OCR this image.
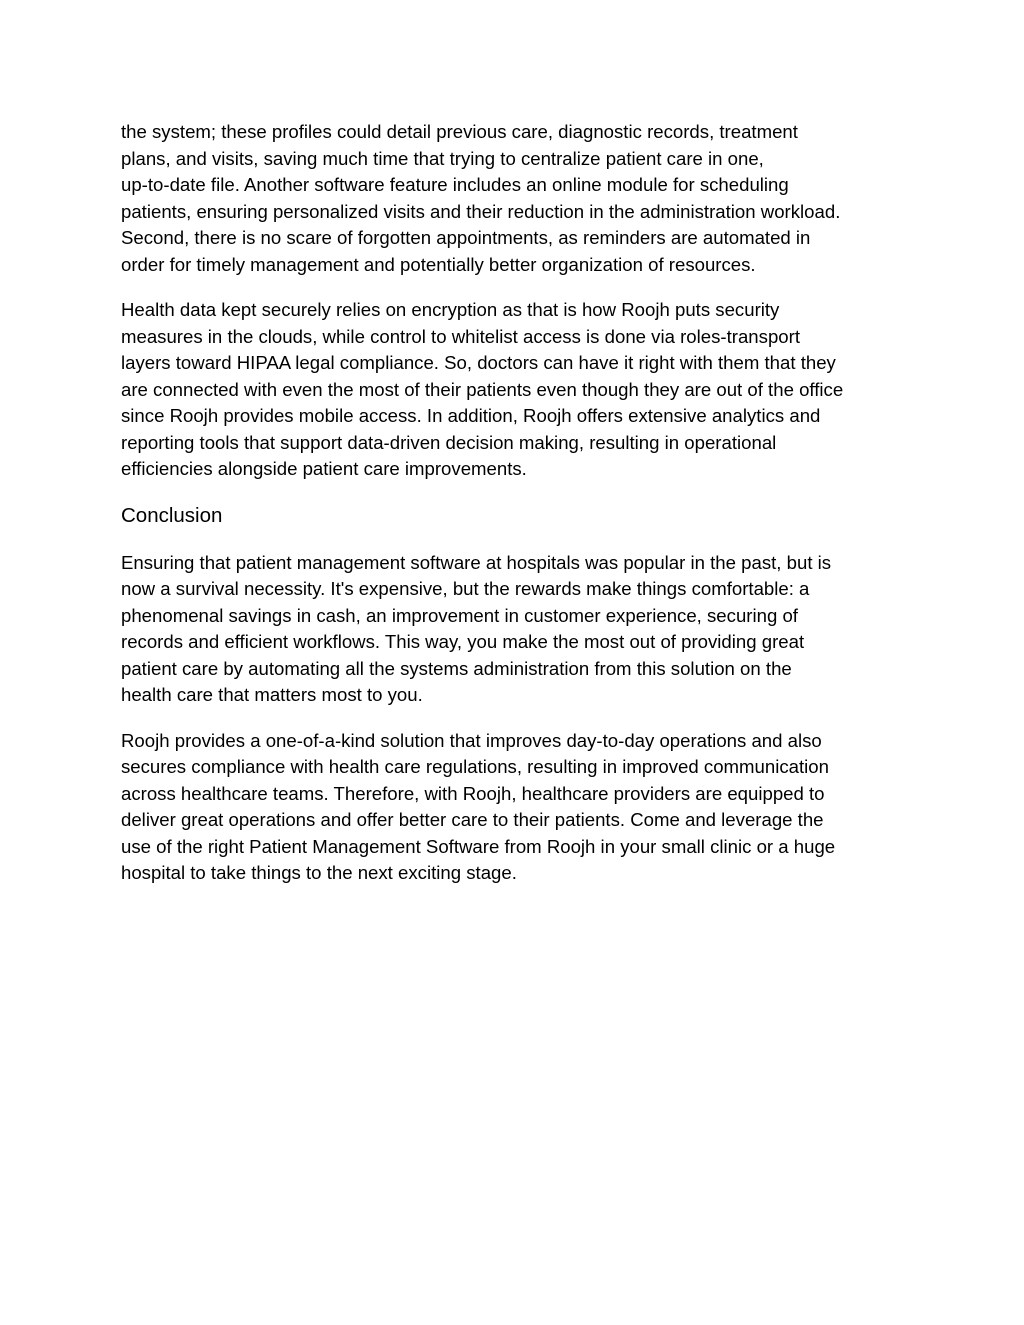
the system; these profiles could detail previous care, diagnostic records, treatment
plans, and visits, saving much time that trying to centralize patient care in one,
up-to-date file. Another software feature includes an online module for scheduling
patients, ensuring personalized visits and their reduction in the administration workload.
Second, there is no scare of forgotten appointments, as reminders are automated in
order for timely management and potentially better organization of resources.

Health data kept securely relies on encryption as that is how Roojh puts security
measures in the clouds, while control to whitelist access is done via roles-transport
layers toward HIPAA legal compliance. So, doctors can have it right with them that they
are connected with even the most of their patients even though they are out of the office
since Roojh provides mobile access. In addition, Roojh offers extensive analytics and
reporting tools that support data-driven decision making, resulting in operational
efficiencies alongside patient care improvements.

Conclusion

Ensuring that patient management software at hospitals was popular in the past, but is
now a survival necessity. It's expensive, but the rewards make things comfortable: a
phenomenal savings in cash, an improvement in customer experience, securing of
records and efficient workflows. This way, you make the most out of providing great
patient care by automating all the systems administration from this solution on the
health care that matters most to you.

Roojh provides a one-of-a-kind solution that improves day-to-day operations and also
secures compliance with health care regulations, resulting in improved communication
across healthcare teams. Therefore, with Roojh, healthcare providers are equipped to
deliver great operations and offer better care to their patients. Come and leverage the
use of the right Patient Management Software from Roojh in your small clinic or a huge
hospital to take things to the next exciting stage.
